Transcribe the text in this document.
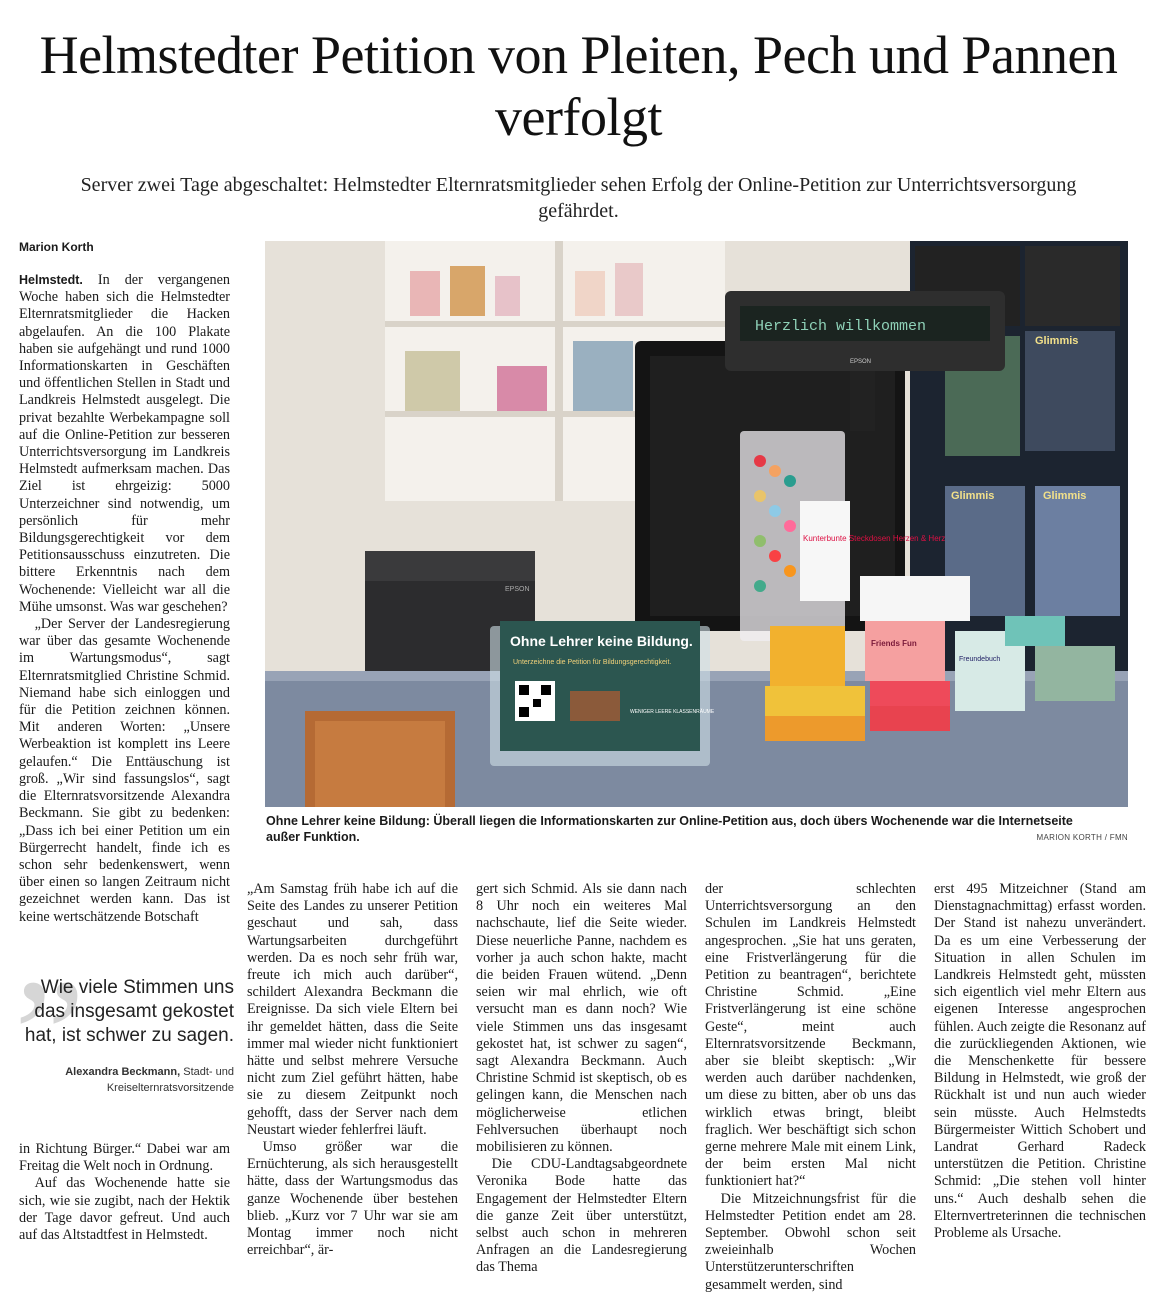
Helmstedter Petition von Pleiten, Pech und Pannen verfolgt
Server zwei Tage abgeschaltet: Helmstedter Elternratsmitglieder sehen Erfolg der Online-Petition zur Unterrichtsversorgung gefährdet.
Marion Korth

Helmstedt. In der vergangenen Woche haben sich die Helmstedter Elternratsmitglieder die Hacken abgelaufen. An die 100 Plakate haben sie aufgehängt und rund 1000 Informationskarten in Geschäften und öffentlichen Stellen in Stadt und Landkreis Helmstedt ausgelegt. Die privat bezahlte Werbekampagne soll auf die Online-Petition zur besseren Unterrichtsversorgung im Landkreis Helmstedt aufmerksam machen. Das Ziel ist ehrgeizig: 5000 Unterzeichner sind notwendig, um persönlich für mehr Bildungsgerechtigkeit vor dem Petitionsausschuss einzutreten. Die bittere Erkenntnis nach dem Wochenende: Vielleicht war all die Mühe umsonst. Was war geschehen?

„Der Server der Landesregierung war über das gesamte Wochenende im Wartungsmodus“, sagt Elternratsmitglied Christine Schmid. Niemand habe sich einloggen und für die Petition zeichnen können. Mit anderen Worten: „Unsere Werbeaktion ist komplett ins Leere gelaufen.“ Die Enttäuschung ist groß. „Wir sind fassungslos“, sagt die Elternratsvorsitzende Alexandra Beckmann. Sie gibt zu bedenken: „Dass ich bei einer Petition um ein Bürgerrecht handelt, finde ich es schon sehr bedenkenswert, wenn über einen so langen Zeitraum nicht gezeichnet werden kann. Das ist keine wertschätzende Botschaft

”
Wie viele Stimmen uns das insgesamt gekostet hat, ist schwer zu sagen.
Alexandra Beckmann, Stadt- und Kreiselternratsvorsitzende

in Richtung Bürger.“ Dabei war am Freitag die Welt noch in Ordnung.

Auf das Wochenende hatte sie sich, wie sie zugibt, nach der Hektik der Tage davor gefreut. Und auch auf das Altstadtfest in Helmstedt.

Glimmis
Glimmis	Glimmis
Herzlich willkommen
EPSON
EPSON
Kunterbunte Steckdosen Herzen & Herz
Ohne Lehrer keine Bildung.
Unterzeichne die Petition für Bildungsgerechtigkeit.
WENIGER LEERE KLASSENRÄUME
Friends Fun
Freundebuch
Ohne Lehrer keine Bildung: Überall liegen die Informationskarten zur Online-Petition aus, doch übers Wochenende war die Internetseite außer Funktion.	MARION KORTH / FMN

„Am Samstag früh habe ich auf die Seite des Landes zu unserer Petition geschaut und sah, dass Wartungsarbeiten durchgeführt werden. Da es noch sehr früh war, freute ich mich auch darüber“, schildert Alexandra Beckmann die Ereignisse. Da sich viele Eltern bei ihr gemeldet hätten, dass die Seite immer mal wieder nicht funktioniert hätte und selbst mehrere Versuche nicht zum Ziel geführt hätten, habe sie zu diesem Zeitpunkt noch gehofft, dass der Server nach dem Neustart wieder fehlerfrei läuft.

Umso größer war die Ernüchterung, als sich herausgestellt hätte, dass der Wartungsmodus das ganze Wochenende über bestehen blieb. „Kurz vor 7 Uhr war sie am Montag immer noch nicht erreichbar“, är-

gert sich Schmid. Als sie dann nach 8 Uhr noch ein weiteres Mal nachschaute, lief die Seite wieder. Diese neuerliche Panne, nachdem es vorher ja auch schon hakte, macht die beiden Frauen wütend. „Denn seien wir mal ehrlich, wie oft versucht man es dann noch? Wie viele Stimmen uns das insgesamt gekostet hat, ist schwer zu sagen“, sagt Alexandra Beckmann. Auch Christine Schmid ist skeptisch, ob es gelingen kann, die Menschen nach möglicherweise etlichen Fehlversuchen überhaupt noch mobilisieren zu können.

Die CDU-Landtagsabgeordnete Veronika Bode hatte das Engagement der Helmstedter Eltern die ganze Zeit über unterstützt, selbst auch schon in mehreren Anfragen an die Landesregierung das Thema

der schlechten Unterrichtsversorgung an den Schulen im Landkreis Helmstedt angesprochen. „Sie hat uns geraten, eine Fristverlängerung für die Petition zu beantragen“, berichtete Christine Schmid. „Eine Fristverlängerung ist eine schöne Geste“, meint auch Elternratsvorsitzende Beckmann, aber sie bleibt skeptisch: „Wir werden auch darüber nachdenken, um diese zu bitten, aber ob uns das wirklich etwas bringt, bleibt fraglich. Wer beschäftigt sich schon gerne mehrere Male mit einem Link, der beim ersten Mal nicht funktioniert hat?“

Die Mitzeichnungsfrist für die Helmstedter Petition endet am 28. September. Obwohl schon seit zweieinhalb Wochen Unterstützerunterschriften gesammelt werden, sind

erst 495 Mitzeichner (Stand am Dienstagnachmittag) erfasst worden. Der Stand ist nahezu unverändert. Da es um eine Verbesserung der Situation in allen Schulen im Landkreis Helmstedt geht, müssten sich eigentlich viel mehr Eltern aus eigenen Interesse angesprochen fühlen. Auch zeigte die Resonanz auf die zurückliegenden Aktionen, wie die Menschenkette für bessere Bildung in Helmstedt, wie groß der Rückhalt ist und nun auch wieder sein müsste. Auch Helmstedts Bürgermeister Wittich Schobert und Landrat Gerhard Radeck unterstützen die Petition. Christine Schmid: „Die stehen voll hinter uns.“ Auch deshalb sehen die Elternvertreterinnen die technischen Probleme als Ursache.
